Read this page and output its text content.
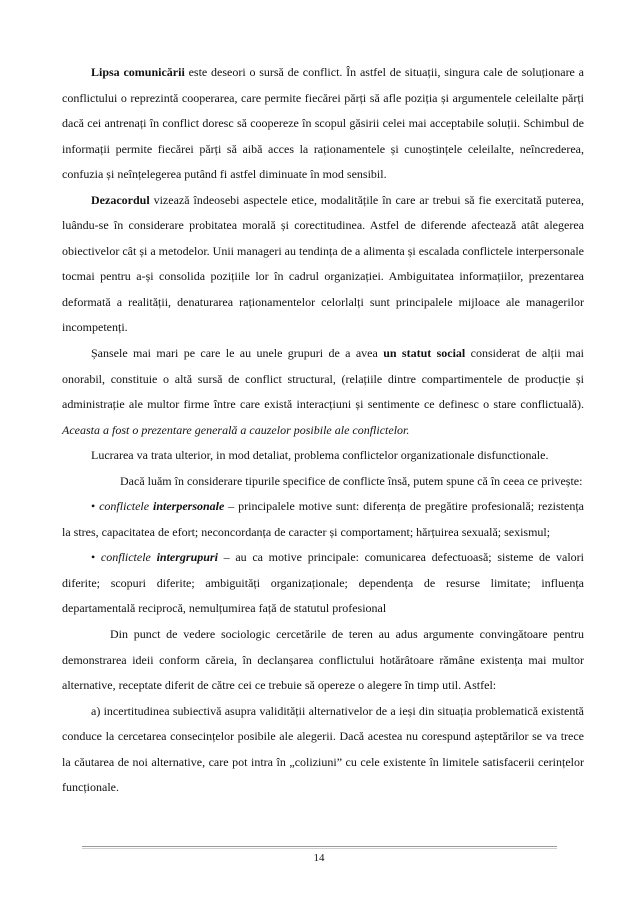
Lipsa comunicării este deseori o sursă de conflict. În astfel de situații, singura cale de soluționare a conflictului o reprezintă cooperarea, care permite fiecărei părți să afle poziția și argumentele celeilalte părți dacă cei antrenați în conflict doresc să coopereze în scopul găsirii celei mai acceptabile soluții. Schimbul de informații permite fiecărei părți să aibă acces la raționamentele și cunoștințele celeilalte, neîncrederea, confuzia și neînțelegerea putând fi astfel diminuate în mod sensibil.

Dezacordul vizează îndeosebi aspectele etice, modalitățile în care ar trebui să fie exercitată puterea, luându-se în considerare probitatea morală și corectitudinea. Astfel de diferende afectează atât alegerea obiectivelor cât și a metodelor. Unii manageri au tendința de a alimenta și escalada conflictele interpersonale tocmai pentru a-și consolida pozițiile lor în cadrul organizației. Ambiguitatea informațiilor, prezentarea deformată a realității, denaturarea raționamentelor celorlalți sunt principalele mijloace ale managerilor incompetenți.

Șansele mai mari pe care le au unele grupuri de a avea un statut social considerat de alții mai onorabil, constituie o altă sursă de conflict structural, (relațiile dintre compartimentele de producție și administrație ale multor firme între care există interacțiuni și sentimente ce definesc o stare conflictuală). Aceasta a fost o prezentare generală a cauzelor posibile ale conflictelor.

Lucrarea va trata ulterior, in mod detaliat, problema conflictelor organizationale disfunctionale.

Dacă luăm în considerare tipurile specifice de conflicte însă, putem spune că în ceea ce privește:

• conflictele interpersonale – principalele motive sunt: diferența de pregătire profesională; rezistența la stres, capacitatea de efort; neconcordanța de caracter și comportament; hărțuirea sexuală; sexismul;

• conflictele intergrupuri – au ca motive principale: comunicarea defectuoasă; sisteme de valori diferite; scopuri diferite; ambiguități organizaționale; dependența de resurse limitate; influența departamentală reciprocă, nemulțumirea față de statutul profesional

Din punct de vedere sociologic cercetările de teren au adus argumente convingătoare pentru demonstrarea ideii conform căreia, în declanșarea conflictului hotărâtoare rămâne existența mai multor alternative, receptate diferit de către cei ce trebuie să opereze o alegere în timp util. Astfel:

a) incertitudinea subiectivă asupra validității alternativelor de a ieși din situația problematică existentă conduce la cercetarea consecințelor posibile ale alegerii. Dacă acestea nu corespund așteptărilor se va trece la căutarea de noi alternative, care pot intra în „coliziuni” cu cele existente în limitele satisfacerii cerințelor funcționale.

14
